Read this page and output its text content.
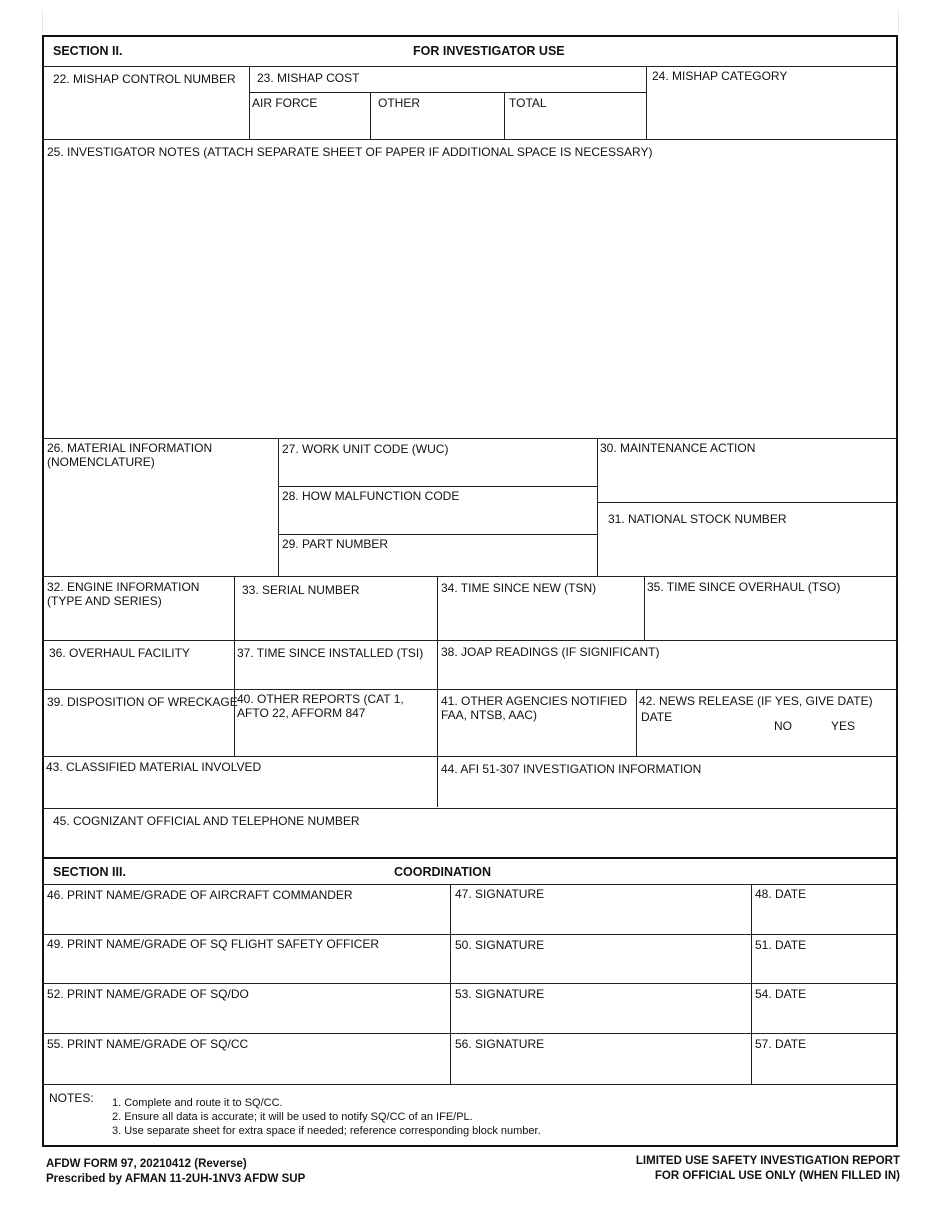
SECTION II.	FOR INVESTIGATOR USE
22. MISHAP CONTROL NUMBER 23. MISHAP COST
AIR FORCE	OTHER	TOTAL
24. MISHAP CATEGORY
25. INVESTIGATOR NOTES (ATTACH SEPARATE SHEET OF PAPER IF ADDITIONAL SPACE IS NECESSARY)
26. MATERIAL INFORMATION
(NOMENCLATURE)
27. WORK UNIT CODE (WUC)
28. HOW MALFUNCTION CODE
29. PART NUMBER
30. MAINTENANCE ACTION
31. NATIONAL STOCK NUMBER
32. ENGINE INFORMATION
(TYPE AND SERIES)
33. SERIAL NUMBER	34. TIME SINCE NEW (TSN)	35. TIME SINCE OVERHAUL (TSO)
36. OVERHAUL FACILITY	37. TIME SINCE INSTALLED (TSI) 38. JOAP READINGS (IF SIGNIFICANT)
39. DISPOSITION OF WRECKAGE 40. OTHER REPORTS (CAT 1,
AFTO 22, AFFORM 847
41. OTHER AGENCIES NOTIFIED
FAA, NTSB, AAC)
42. NEWS RELEASE (IF YES, GIVE DATE)
DATE
NO	YES
43. CLASSIFIED MATERIAL INVOLVED	44. AFI 51-307 INVESTIGATION INFORMATION
45. COGNIZANT OFFICIAL AND TELEPHONE NUMBER
SECTION III.	COORDINATION
46. PRINT NAME/GRADE OF AIRCRAFT COMMANDER	47. SIGNATURE	48. DATE
49. PRINT NAME/GRADE OF SQ FLIGHT SAFETY OFFICER	50. SIGNATURE	51. DATE
52. PRINT NAME/GRADE OF SQ/DO	53. SIGNATURE	54. DATE
55. PRINT NAME/GRADE OF SQ/CC	56. SIGNATURE	57. DATE
NOTES: 1. Complete and route it to SQ/CC.
2. Ensure all data is accurate; it will be used to notify SQ/CC of an IFE/PL.
3. Use separate sheet for extra space if needed; reference corresponding block number.
AFDW FORM 97, 20210412 (Reverse)
Prescribed by AFMAN 11-2UH-1NV3 AFDW SUP
LIMITED USE SAFETY INVESTIGATION REPORT
FOR OFFICIAL USE ONLY (WHEN FILLED IN)
